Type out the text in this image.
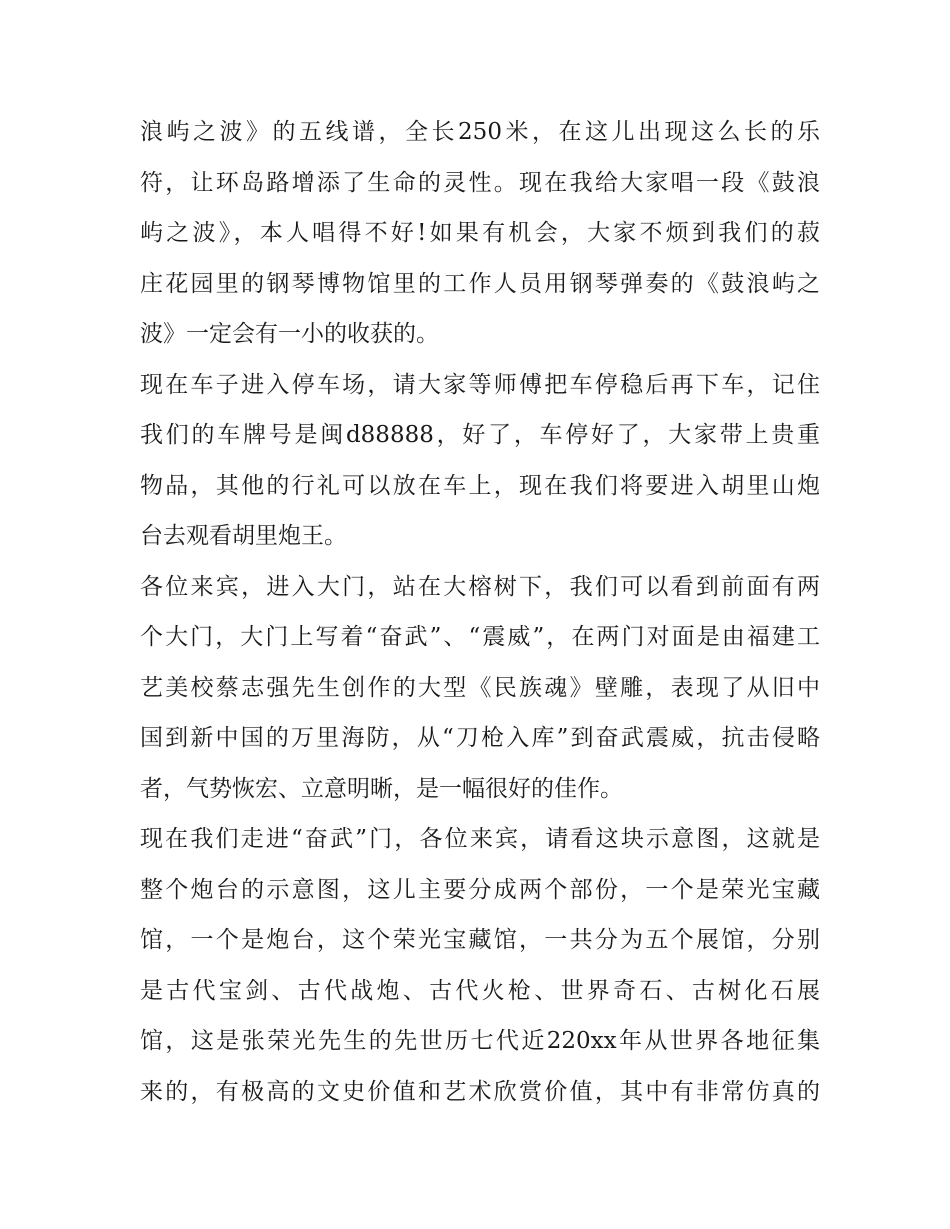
浪屿之波》的五线谱，全长250米，在这儿出现这么长的乐
符，让环岛路增添了生命的灵性。现在我给大家唱一段《鼓浪
屿之波》，本人唱得不好!如果有机会，大家不烦到我们的菽
庄花园里的钢琴博物馆里的工作人员用钢琴弹奏的《鼓浪屿之
波》一定会有一小的收获的。
现在车子进入停车场，请大家等师傅把车停稳后再下车，记住
我们的车牌号是闽d88888，好了，车停好了，大家带上贵重
物品，其他的行礼可以放在车上，现在我们将要进入胡里山炮
台去观看胡里炮王。
各位来宾，进入大门，站在大榕树下，我们可以看到前面有两
个大门，大门上写着“奋武”、“震威”，在两门对面是由福建工
艺美校蔡志强先生创作的大型《民族魂》壁雕，表现了从旧中
国到新中国的万里海防，从“刀枪入库”到奋武震威，抗击侵略
者，气势恢宏、立意明晰，是一幅很好的佳作。
现在我们走进“奋武”门，各位来宾，请看这块示意图，这就是
整个炮台的示意图，这儿主要分成两个部份，一个是荣光宝藏
馆，一个是炮台，这个荣光宝藏馆，一共分为五个展馆，分别
是古代宝剑、古代战炮、古代火枪、世界奇石、古树化石展
馆，这是张荣光先生的先世历七代近220xx年从世界各地征集
来的，有极高的文史价值和艺术欣赏价值，其中有非常仿真的
